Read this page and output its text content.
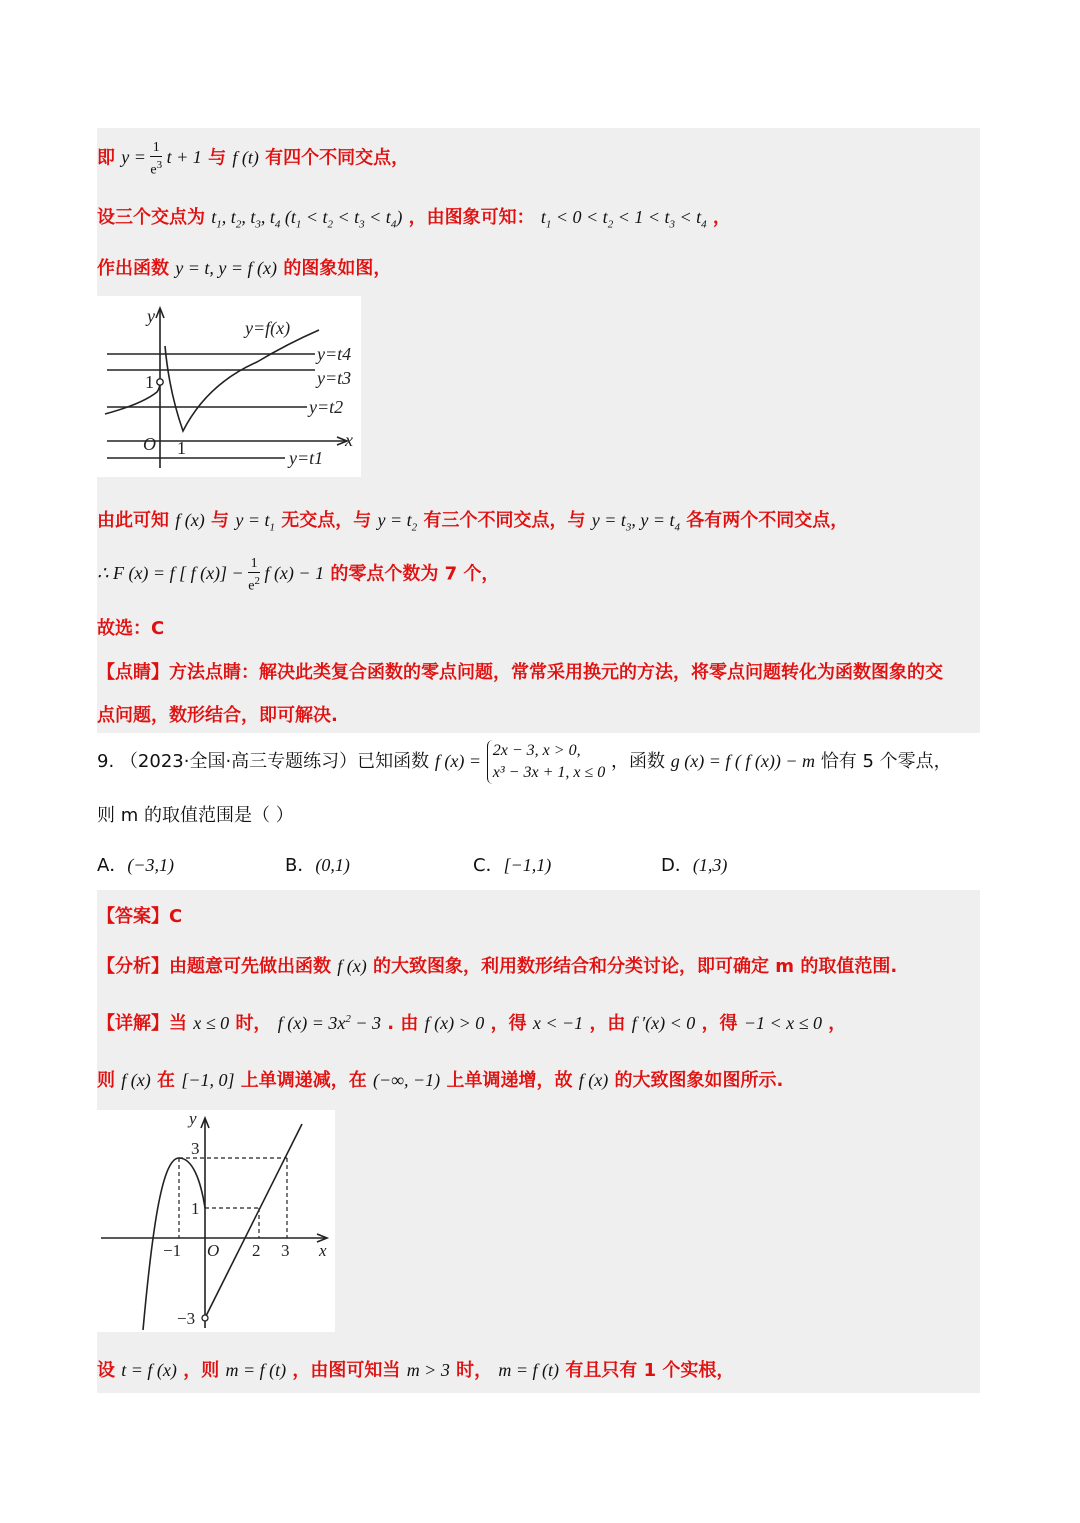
即 $y = \frac{1}{e^3}$ t + 1 与 f (t) 有四个不同交点，
设三个交点为 $t_1$, $t_2$, $t_3$, $t_4$ $(t_1 < t_2 < t_3 < t_4)$ ，由图象可知： $t_1 < 0 < t_2 < 1 < t_3 < t_4$ ，
作出函数 y = t, y = f (x) 的图象如图，
y
x
O
y=f(x)
y=t4
y=t3
y=t2
y=t1
1
1
由此可知 f (x) 与 $y = t_1$ 无交点，与 $y = t_2$ 有三个不同交点，与 $y = t_3$, $y = t_4$ 各有两个不同交点，
∴ F (x) = f [ f $(x)] - \frac{1}{e^2}$ f (x) − 1 的零点个数为 7 个，
故选：C
【点睛】方法点睛：解决此类复合函数的零点问题，常常采用换元的方法，将零点问题转化为函数图象的交
点问题，数形结合，即可解决.
9. （2023·全国·高三专题练习）已知函数 f (x) =
2x − 3, x > 0,
x³ − 3x + 1, x ≤ 0
，函数 g (x) = f ( f (x)) − m 恰有 5 个零点，
则 m 的取值范围是（ ）
A．(−3,1)	B．(0,1)	C．[−1,1)	D．(1,3)
【答案】C
【分析】由题意可先做出函数 f (x) 的大致图象，利用数形结合和分类讨论，即可确定 m 的取值范围.
【详解】当 x ≤ 0 时， f $(x) = 3x^2 - 3$ . 由 f (x) > 0 ，得 x < −1 ，由 f ′(x) < 0 ，得 −1 < x ≤ 0 ，
则 f (x) 在 [−1, 0] 上单调递减，在 (−∞, −1) 上单调递增，故 f (x) 的大致图象如图所示.
y
x
O
−1	2 3
3
1
−3
设 t = f (x) ，则 m = f (t) ，由图可知当 m > 3 时， m = f (t) 有且只有 1 个实根，
